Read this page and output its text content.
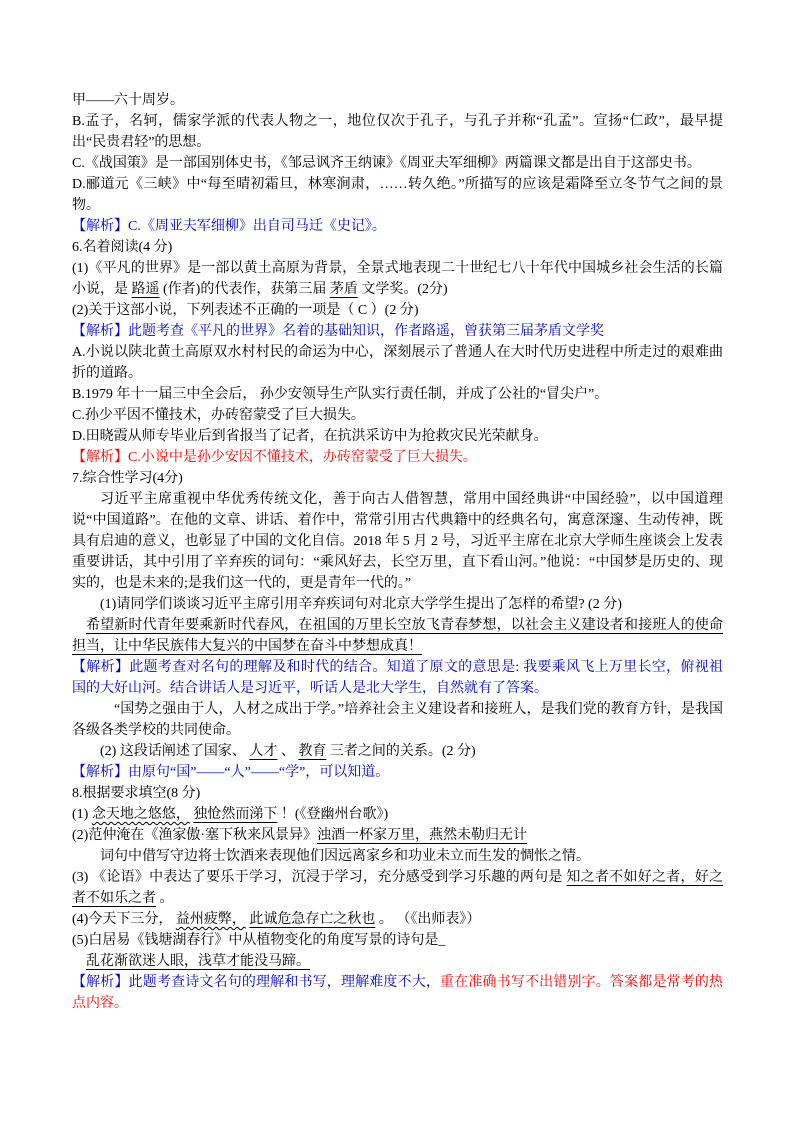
甲——六十周岁。
B.孟子，名轲，儒家学派的代表人物之一，地位仅次于孔子，与孔子并称“孔孟”。宣扬“仁政”，最早提出“民贵君轻”的思想。
C.《战国策》是一部国别体史书，《邹忌讽齐王纳谏》《周亚夫军细柳》两篇课文都是出自于这部史书。
D.郦道元《三峡》中“每至晴初霜旦，林寒涧肃，……转久绝。”所描写的应该是霜降至立冬节气之间的景物。
【解析】C.《周亚夫军细柳》出自司马迁《史记》。
6.名着阅读(4 分)
(1)《平凡的世界》是一部以黄土高原为背景，全景式地表现二十世纪七八十年代中国城乡社会生活的长篇小说，是 路遥 (作者)的代表作，获第三届 茅盾 文学奖。(2分)
(2)关于这部小说，下列表述不正确的一项是（ C ）(2 分)
【解析】此题考查《平凡的世界》名着的基础知识，作者路遥，曾获第三届茅盾文学奖
A.小说以陕北黄土高原双水村村民的命运为中心，深刻展示了普通人在大时代历史进程中所走过的艰难曲折的道路。
B.1979 年十一届三中全会后， 孙少安领导生产队实行责任制，并成了公社的“冒尖户”。
C.孙少平因不懂技术，办砖窑蒙受了巨大损失。
D.田晓霞从师专毕业后到省报当了记者，在抗洪采访中为抢救灾民光荣献身。
【解析】C.小说中是孙少安因不懂技术，办砖窑蒙受了巨大损失。
7.综合性学习(4分)
习近平主席重视中华优秀传统文化，善于向古人借智慧，常用中国经典讲“中国经验”，以中国道理说“中国道路”。在他的文章、讲话、着作中，常常引用古代典籍中的经典名句，寓意深邃、生动传神，既具有启迪的意义，也彰显了中国的文化自信。2018 年 5 月 2 号，习近平主席在北京大学师生座谈会上发表重要讲话，其中引用了辛弃疾的词句：“乘风好去，长空万里，直下看山河。”他说：“中国梦是历史的、现实的，也是未来的;是我们这一代的，更是青年一代的。”
(1)请同学们谈谈习近平主席引用辛弃疾词句对北京大学学生提出了怎样的希望? (2 分)
希望新时代青年要乘新时代春风，在祖国的万里长空放飞青春梦想，以社会主义建设者和接班人的使命担当，让中华民族伟大复兴的中国梦在奋斗中梦想成真！
【解析】此题考查对名句的理解及和时代的结合。知道了原文的意思是: 我要乘风飞上万里长空，俯视祖国的大好山河。结合讲话人是习近平，听话人是北大学生，自然就有了答案。
“国势之强由于人，人材之成出于学。”培养社会主义建设者和接班人，是我们党的教育方针，是我国各级各类学校的共同使命。
(2) 这段话阐述了国家、 人才 、 教育 三者之间的关系。(2 分)
【解析】由原句“国”——“人”——“学”，可以知道。
8.根据要求填空(8 分)
(1) 念天地之悠悠， 独怆然而涕下 ！(《登幽州台歌》)
(2)范仲淹在《渔家傲·塞下秋来风景异》浊酒一杯家万里，燕然未勒归无计
词句中借写守边将士饮酒来表现他们因远离家乡和功业未立而生发的惆怅之情。
(3) 《论语》中表达了要乐于学习，沉浸于学习，充分感受到学习乐趣的两句是 知之者不如好之者，好之者不如乐之者 。
(4)今天下三分， 益州疲弊， 此诚危急存亡之秋也 。 （《出师表》）
(5)白居易《钱塘湖春行》中从植物变化的角度写景的诗句是_
乱花渐欲迷人眼，浅草才能没马蹄。
【解析】此题考查诗文名句的理解和书写，理解难度不大，重在准确书写不出错别字。答案都是常考的热点内容。
